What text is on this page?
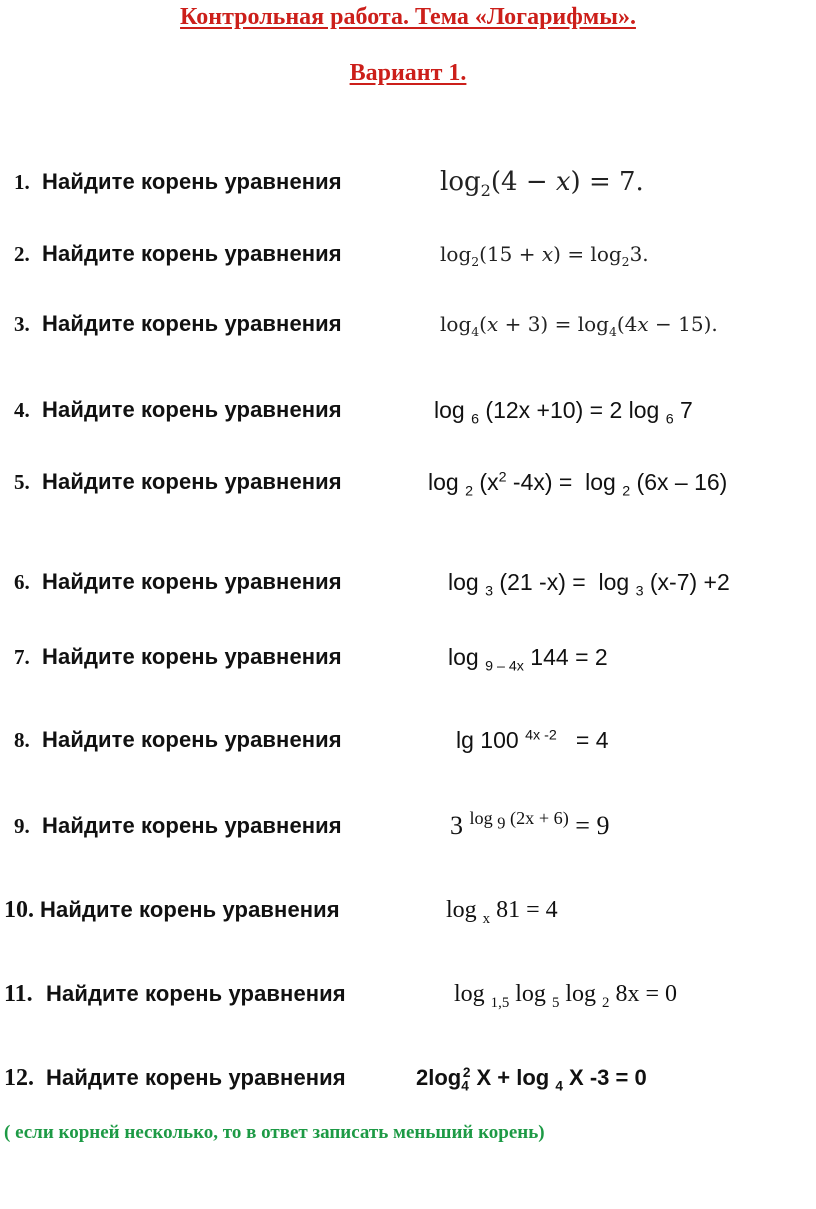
Контрольная работа. Тема «Логарифмы».
Вариант 1.
1. Найдите корень уравнения	$\log_2(4 - x) = 7$.
2. Найдите корень уравнения	$\log_2(15 + x) = \log_23$.
3. Найдите корень уравнения	$\log_4(x + 3) = \log_4(4x - 15)$.
4. Найдите корень уравнения	log $_6$ (12x +10) = 2 log $_6$ 7
5. Найдите корень уравнения	log $_2$ ($x^2$ -4x) =  log $_2$ (6x – 16)
6. Найдите корень уравнения	log $_3$ (21 -x) =  log $_3$ (x-7) +2
7. Найдите корень уравнения	log $_{9 - 4x}$ 144 = 2
8. Найдите корень уравнения	lg 100 $^{4x -2}$   = 4
9. Найдите корень уравнения	3 $^{log _9 (2x + 6)}$ = 9
10. Найдите корень уравнения	log $_x$ 81 = 4
11. Найдите корень уравнения	log $_{1,5}$ log $_5$ log $_2$ 8x = 0
12. Найдите корень уравнения	$2\log_4^2$ X + log $_4$ X -3 = 0
( если корней несколько, то в ответ записать меньший корень)
